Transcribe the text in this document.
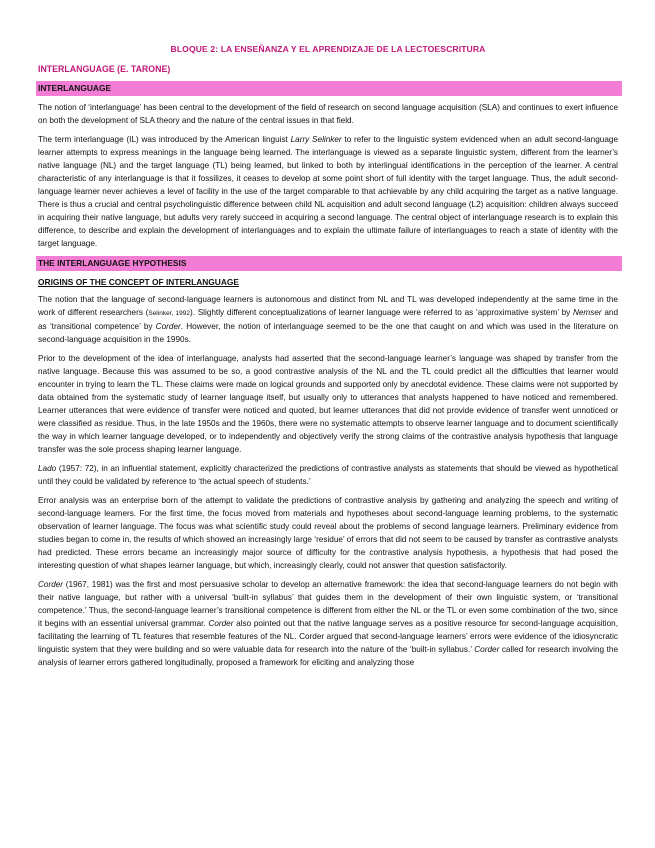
BLOQUE 2: LA ENSEÑANZA Y EL APRENDIZAJE DE LA LECTOESCRITURA
INTERLANGUAGE (E. TARONE)
INTERLANGUAGE

The notion of ‘interlanguage’ has been central to the development of the field of research on second language acquisition (SLA) and continues to exert influence on both the development of SLA theory and the nature of the central issues in that field.

The term interlanguage (IL) was introduced by the American linguist Larry Selinker to refer to the linguistic system evidenced when an adult second-language learner attempts to express meanings in the language being learned. The interlanguage is viewed as a separate linguistic system, different from the learner’s native language (NL) and the target language (TL) being learned, but linked to both by interlingual identifications in the perception of the learner. A central characteristic of any interlanguage is that it fossilizes, it ceases to develop at some point short of full identity with the target language. Thus, the adult second-language learner never achieves a level of facility in the use of the target comparable to that achievable by any child acquiring the target as a native language. There is thus a crucial and central psycholinguistic difference between child NL acquisition and adult second language (L2) acquisition: children always succeed in acquiring their native language, but adults very rarely succeed in acquiring a second language. The central object of interlanguage research is to explain this difference, to describe and explain the development of interlanguages and to explain the ultimate failure of interlanguages to reach a state of identity with the target language.

THE INTERLANGUAGE HYPOTHESIS
ORIGINS OF THE CONCEPT OF INTERLANGUAGE

The notion that the language of second-language learners is autonomous and distinct from NL and TL was developed independently at the same time in the work of different researchers (Selinker, 1992). Slightly different conceptualizations of learner language were referred to as ‘approximative system’ by Nemser and as ‘transitional competence’ by Corder. However, the notion of interlanguage seemed to be the one that caught on and which was used in the literature on second-language acquisition in the 1990s.

Prior to the development of the idea of interlanguage, analysts had asserted that the second-language learner’s language was shaped by transfer from the native language. Because this was assumed to be so, a good contrastive analysis of the NL and the TL could predict all the difficulties that learner would encounter in trying to learn the TL. These claims were made on logical grounds and supported only by anecdotal evidence. These claims were not supported by data obtained from the systematic study of learner language itself, but usually only to utterances that analysts happened to have noticed and remembered. Learner utterances that were evidence of transfer were noticed and quoted, but learner utterances that did not provide evidence of transfer went unnoticed or were classified as residue. Thus, in the late 1950s and the 1960s, there were no systematic attempts to observe learner language and to document scientifically the way in which learner language developed, or to independently and objectively verify the strong claims of the contrastive analysis hypothesis that language transfer was the sole process shaping learner language.

Lado (1957: 72), in an influential statement, explicitly characterized the predictions of contrastive analysts as statements that should be viewed as hypothetical until they could be validated by reference to ‘the actual speech of students.’

Error analysis was an enterprise born of the attempt to validate the predictions of contrastive analysis by gathering and analyzing the speech and writing of second-language learners. For the first time, the focus moved from materials and hypotheses about second-language learning problems, to the systematic observation of learner language. The focus was what scientific study could reveal about the problems of second language learners. Preliminary evidence from studies began to come in, the results of which showed an increasingly large ‘residue’ of errors that did not seem to be caused by transfer as contrastive analysts had predicted. These errors became an increasingly major source of difficulty for the contrastive analysis hypothesis, a hypothesis that had posed the interesting question of what shapes learner language, but which, increasingly clearly, could not answer that question satisfactorily.

Corder (1967, 1981) was the first and most persuasive scholar to develop an alternative framework: the idea that second-language learners do not begin with their native language, but rather with a universal ‘built-in syllabus’ that guides them in the development of their own linguistic system, or ‘transitional competence.’ Thus, the second-language learner’s transitional competence is different from either the NL or the TL or even some combination of the two, since it begins with an essential universal grammar. Corder also pointed out that the native language serves as a positive resource for second-language acquisition, facilitating the learning of TL features that resemble features of the NL. Corder argued that second-language learners’ errors were evidence of the idiosyncratic linguistic system that they were building and so were valuable data for research into the nature of the ‘built-in syllabus.’ Corder called for research involving the analysis of learner errors gathered longitudinally, proposed a framework for eliciting and analyzing those
